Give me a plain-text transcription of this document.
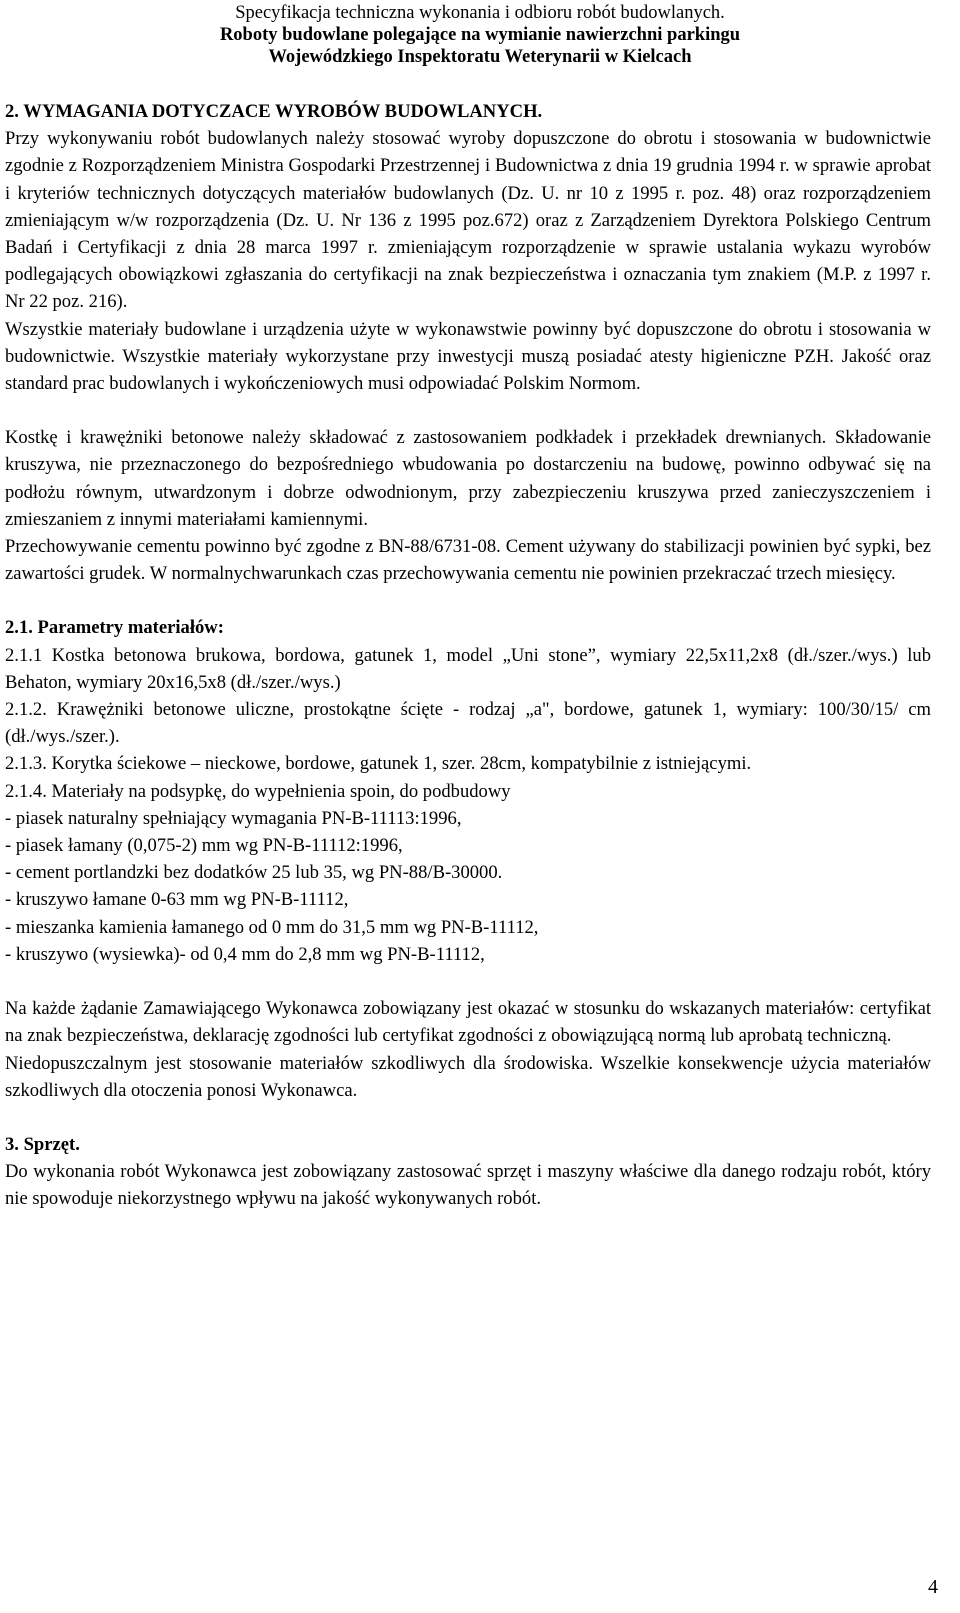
Specyfikacja techniczna wykonania i odbioru robót budowlanych.
Roboty budowlane polegające na wymianie nawierzchni parkingu
Wojewódzkiego Inspektoratu Weterynarii w Kielcach

2. WYMAGANIA DOTYCZACE WYROBÓW BUDOWLANYCH.

Przy wykonywaniu robót budowlanych należy stosować wyroby dopuszczone do obrotu i stosowania w budownictwie zgodnie z Rozporządzeniem Ministra Gospodarki Przestrzennej i Budownictwa z dnia 19 grudnia 1994 r. w sprawie aprobat i kryteriów technicznych dotyczących materiałów budowlanych (Dz. U. nr 10 z 1995 r. poz. 48) oraz rozporządzeniem zmieniającym w/w rozporządzenia (Dz. U. Nr 136 z 1995 poz.672) oraz z Zarządzeniem Dyrektora Polskiego Centrum Badań i Certyfikacji z dnia 28 marca 1997 r. zmieniającym rozporządzenie w sprawie ustalania wykazu wyrobów podlegających obowiązkowi zgłaszania do certyfikacji na znak bezpieczeństwa i oznaczania tym znakiem (M.P. z 1997 r. Nr 22 poz. 216).

Wszystkie materiały budowlane i urządzenia użyte w wykonawstwie powinny być dopuszczone do obrotu i stosowania w budownictwie. Wszystkie materiały wykorzystane przy inwestycji muszą posiadać atesty higieniczne PZH. Jakość oraz standard prac budowlanych i wykończeniowych musi odpowiadać Polskim Normom.

Kostkę i krawężniki betonowe należy składować z zastosowaniem podkładek i przekładek drewnianych. Składowanie kruszywa, nie przeznaczonego do bezpośredniego wbudowania po dostarczeniu na budowę, powinno odbywać się na podłożu równym, utwardzonym i dobrze odwodnionym, przy zabezpieczeniu kruszywa przed zanieczyszczeniem i zmieszaniem z innymi materiałami kamiennymi.

Przechowywanie cementu powinno być zgodne z BN-88/6731-08. Cement używany do stabilizacji powinien być sypki, bez zawartości grudek. W normalnychwarunkach czas przechowywania cementu nie powinien przekraczać trzech miesięcy.

2.1. Parametry materiałów:

2.1.1 Kostka betonowa brukowa, bordowa, gatunek 1, model „Uni stone”, wymiary 22,5x11,2x8 (dł./szer./wys.) lub Behaton, wymiary 20x16,5x8 (dł./szer./wys.)

2.1.2. Krawężniki betonowe uliczne, prostokątne ścięte - rodzaj „a", bordowe, gatunek 1, wymiary: 100/30/15/ cm (dł./wys./szer.).

2.1.3. Korytka ściekowe – nieckowe, bordowe, gatunek 1, szer. 28cm, kompatybilnie z istniejącymi.

2.1.4. Materiały na podsypkę, do wypełnienia spoin, do podbudowy

- piasek naturalny spełniający wymagania PN-B-11113:1996,

- piasek łamany (0,075-2) mm wg PN-B-11112:1996,

- cement portlandzki bez dodatków 25 lub 35, wg PN-88/B-30000.

- kruszywo łamane 0-63 mm wg PN-B-11112,

- mieszanka kamienia łamanego od 0 mm do 31,5 mm wg PN-B-11112,

- kruszywo (wysiewka)- od 0,4 mm do 2,8 mm wg PN-B-11112,

Na każde żądanie Zamawiającego Wykonawca zobowiązany jest okazać w stosunku do wskazanych materiałów: certyfikat na znak bezpieczeństwa, deklarację zgodności lub certyfikat zgodności z obowiązującą normą lub aprobatą techniczną.

Niedopuszczalnym jest stosowanie materiałów szkodliwych dla środowiska. Wszelkie konsekwencje użycia materiałów szkodliwych dla otoczenia ponosi Wykonawca.

3. Sprzęt.

Do wykonania robót Wykonawca jest zobowiązany zastosować sprzęt i maszyny właściwe dla danego rodzaju robót, który nie spowoduje niekorzystnego wpływu na jakość wykonywanych robót.

4
